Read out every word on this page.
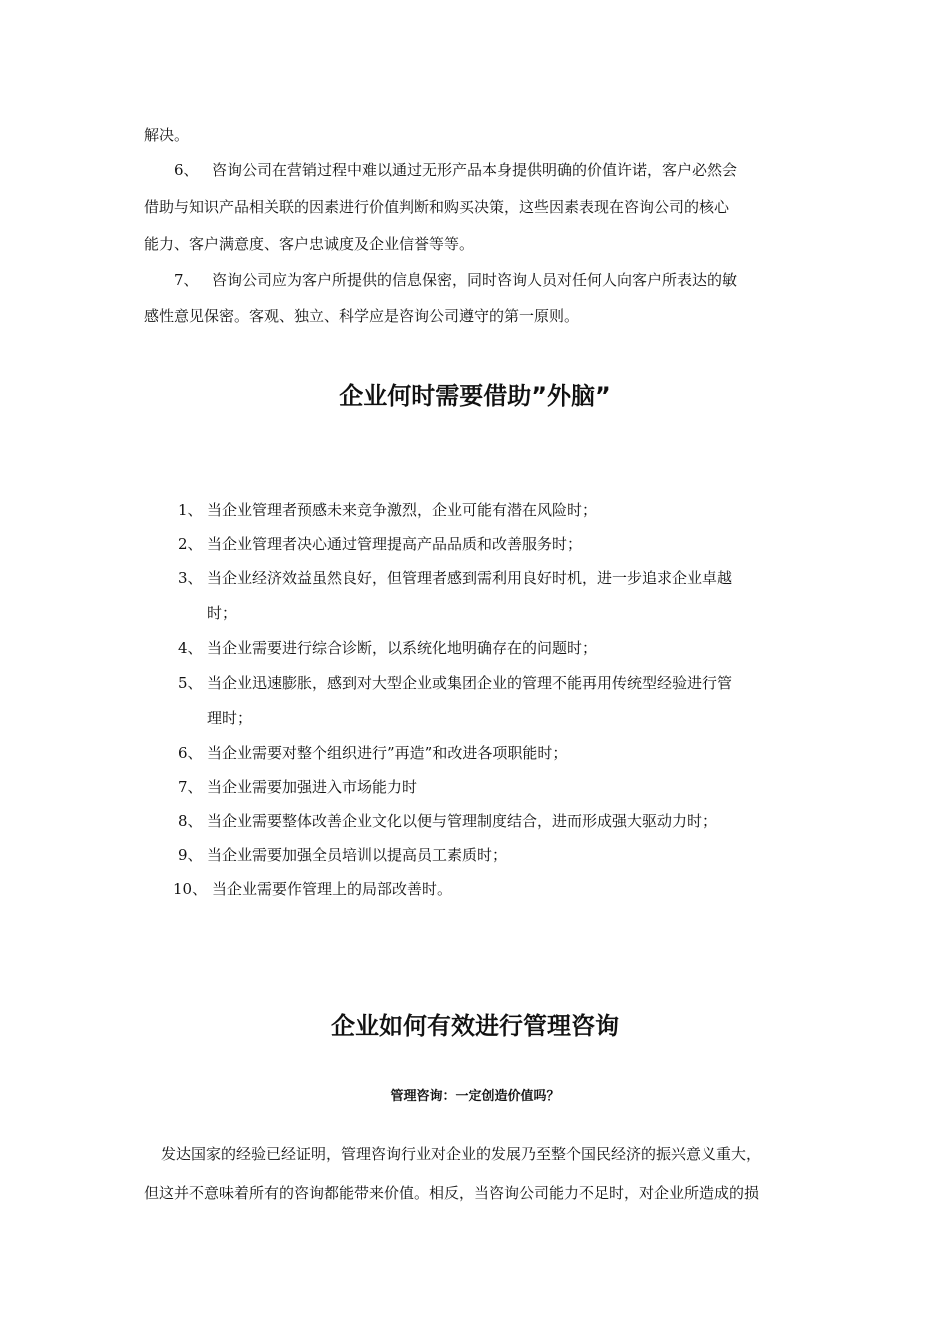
解决。
6、 咨询公司在营销过程中难以通过无形产品本身提供明确的价值许诺，客户必然会
借助与知识产品相关联的因素进行价值判断和购买决策，这些因素表现在咨询公司的核心
能力、客户满意度、客户忠诚度及企业信誉等等。
7、 咨询公司应为客户所提供的信息保密，同时咨询人员对任何人向客户所表达的敏
感性意见保密。客观、独立、科学应是咨询公司遵守的第一原则。
企业何时需要借助”外脑”
1、 当企业管理者预感未来竞争激烈，企业可能有潜在风险时；
2、 当企业管理者决心通过管理提高产品品质和改善服务时；
3、 当企业经济效益虽然良好，但管理者感到需利用良好时机，进一步追求企业卓越
时；
4、 当企业需要进行综合诊断，以系统化地明确存在的问题时；
5、 当企业迅速膨胀，感到对大型企业或集团企业的管理不能再用传统型经验进行管
理时；
6、 当企业需要对整个组织进行”再造”和改进各项职能时；
7、 当企业需要加强进入市场能力时
8、 当企业需要整体改善企业文化以便与管理制度结合，进而形成强大驱动力时；
9、 当企业需要加强全员培训以提高员工素质时；
10、 当企业需要作管理上的局部改善时。
企业如何有效进行管理咨询
管理咨询：一定创造价值吗？
发达国家的经验已经证明，管理咨询行业对企业的发展乃至整个国民经济的振兴意义重大，
但这并不意味着所有的咨询都能带来价值。相反，当咨询公司能力不足时，对企业所造成的损
